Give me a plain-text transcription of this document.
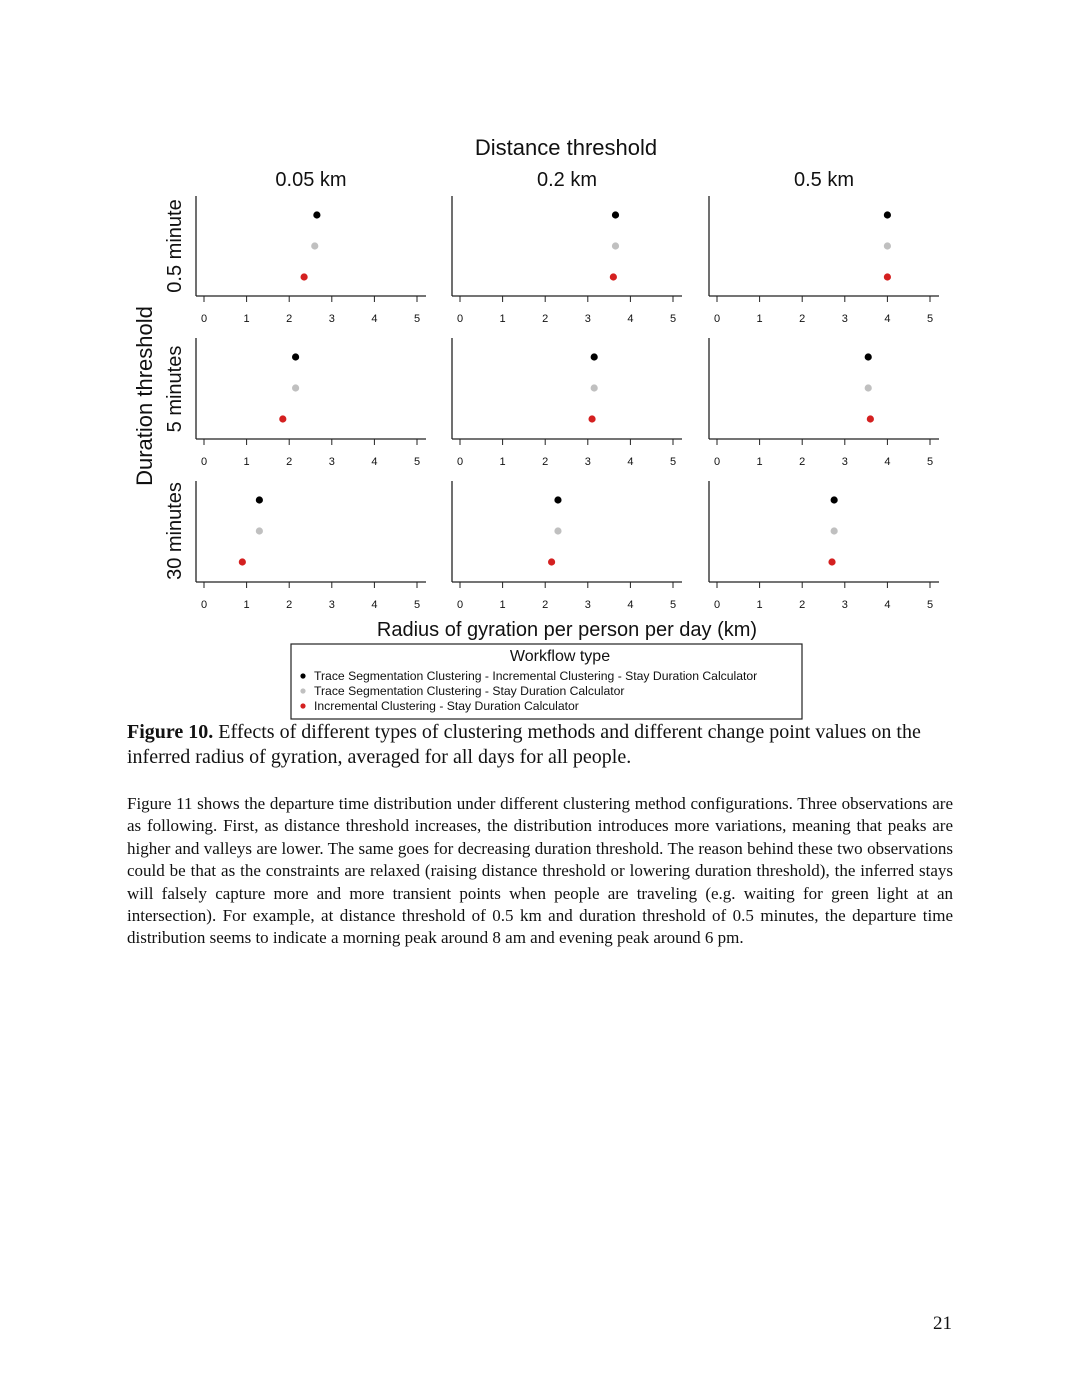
Distance threshold
0.05 km	0.2 km	0.5 km
Duration threshold
0.5 minute
5 minutes
30 minutes
0	1	2	3	4	5	0	1	2	3	4	5	0	1	2	3	4	5
0	1	2	3	4	5	0	1	2	3	4	5	0	1	2	3	4	5
0	1	2	3	4	5	0	1	2	3	4	5	0	1	2	3	4	5
Radius of gyration per person per day (km)
Workflow type
Trace Segmentation Clustering - Incremental Clustering - Stay Duration Calculator
Trace Segmentation Clustering - Stay Duration Calculator
Incremental Clustering - Stay Duration Calculator
Figure 10. Effects of different types of clustering methods and different change point values on the inferred radius of gyration, averaged for all days for all people.

Figure 11 shows the departure time distribution under different clustering method configurations. Three observations are as following. First, as distance threshold increases, the distribution introduces more variations, meaning that peaks are higher and valleys are lower. The same goes for decreasing duration threshold. The reason behind these two observations could be that as the constraints are relaxed (raising distance threshold or lowering duration threshold), the inferred stays will falsely capture more and more transient points when people are traveling (e.g. waiting for green light at an intersection). For example, at distance threshold of 0.5 km and duration threshold of 0.5 minutes, the departure time distribution seems to indicate a morning peak around 8 am and evening peak around 6 pm.

21
